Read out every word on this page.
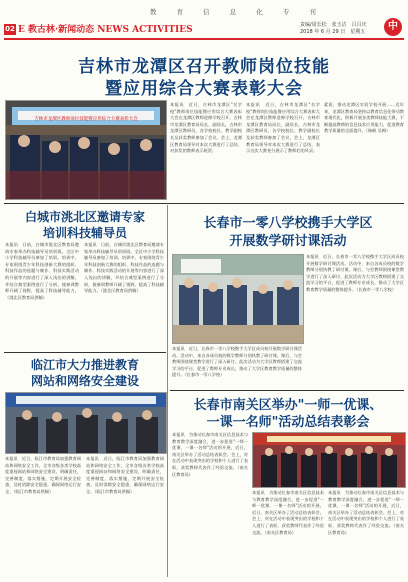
教 育 信 息 化 专 刊
02 E 教古林·新闻动态 NEWS ACTIVITIES	责编/周长松　张玉洁　吕吕庆
2018 年 6 月 29 日　星期五	中
吉林市龙潭区召开教师岗位技能
暨应用综合大赛表彰大会
吉林市龙潭区教师岗位技能暨应用综合大赛表彰大会
本报讯　近日，吉林市龙潭区"名学校"教师岗位技能暨应用综合大赛表彰大会在龙潭区教师进修学校召开。吉林市龙潭区教育局局长、副局长，吉林市龙潭区教研员，各学校校长、教学副校长及获奖教师参加了会议。会上，龙潭区教育局领导对本次大赛进行了总结，对获奖的教师表示祝贺。
本报讯　近日，吉林市龙潭区"名学校"教师岗位技能暨应用综合大赛表彰大会在龙潭区教师进修学校召开。吉林市龙潭区教育局局长，副局长，吉林市龙潭区教研员，各学校校长、教学副校长及获奖教师参加了会议，会上，龙潭区教育局领导对本次大赛进行了总结，表示这次大赛充分展示了教师们的风采。
素质，推动龙潭区实验学校开展……近年来，龙潭区教育局坚持以教育信息化带动教育现代化，积极开展各类教师技能大赛，不断提高教师的信息技术应用能力，促进教育教学质量的全面提升。（杨帆 吴梅）
白城市洮北区邀请专家
培训科技辅导员
本报讯　日前，白城市洮北区教育局邀请专家举办科技辅导员培训班。全区中小学科技辅导员参加了培训。培训中，专家围绕青少年科技创新大赛的组织、科技作品的选题与制作、科技实践活动的开展等内容进行了深入浅出的讲解，并结合典型案例进行了分析，使参训教师开阔了视野，提高了科技辅导能力。（洮北区教育局供稿）
本报讯　日前，白城市洮北区教育局邀请专家举办科技辅导员培训班。全区中小学科技辅导员参加了培训。培训中，专家围绕青少年科技创新大赛的组织、科技作品的选题与制作、科技实践活动的开展等内容进行了深入浅出的讲解，并结合典型案例进行了分析，使参训教师开阔了视野，提高了科技辅导能力。（洮北区教育局供稿）
长春市一零八学校携手大学区
开展数学研讨课活动
本报讯　近日，长春市一零八学校携手大学区成员校开展数学研讨课活动。活动中，来自各成员校的数学教师分别执教了研讨课，课后，与会教师围绕课堂教学进行了深入研讨。此次活动为大学区教师搭建了交流学习的平台，促进了教师专业成长，推动了大学区教育教学质量的整体提升。（长春市一零八学校）
本报讯　近日，长春市一零八学校携手大学区成员校开展数学研讨课活动。活动中，来自各成员校的数学教师分别执教了研讨课，课后，与会教师围绕课堂教学进行了深入研讨。此次活动为大学区教师搭建了交流学习的平台，促进了教师专业成长，推动了大学区教育教学质量的整体提升。（长春市一零八学校）
临江市大力推进教育
网站和网络安全建设
本报讯　近日，临江市教育局加强教育网站和网络安全工作，全市各级各类学校高度重视网站和网络安全建设，明确责任，完善制度，落实措施，定期开展安全检查，及时消除安全隐患，确保网络运行安全。（临江市教育局供稿）
本报讯　近日，临江市教育局加强教育网站和网络安全工作，全市各级各类学校高度重视网站和网络安全建设，明确责任，完善制度，落实措施，定期开展安全检查，及时消除安全隐患，确保网络运行安全。（临江市教育局供稿）
长春市南关区举办"一师一优课、
一课一名师"活动总结表彰会
本报讯　为推动长春市南关区信息技术与教育教学深度融合，进一步促进"一师一优课、一课一名师"活动的开展，近日，南关区举办了活动总结表彰会。会上，对在活动中表现突出的学校和个人进行了表彰，获奖教师代表作了经验交流。（南关区教育局）
本报讯　为推动长春市南关区信息技术与教育教学深度融合，进一步促进"一师一优课、一课一名师"活动的开展，近日，南关区举办了活动总结表彰会。会上，对在活动中表现突出的学校和个人进行了表彰，获奖教师代表作了经验交流。（南关区教育局）
本报讯　为推动长春市南关区信息技术与教育教学深度融合，进一步促进"一师一优课、一课一名师"活动的开展，近日，南关区举办了活动总结表彰会。会上，对在活动中表现突出的学校和个人进行了表彰，获奖教师代表作了经验交流。（南关区教育局）
